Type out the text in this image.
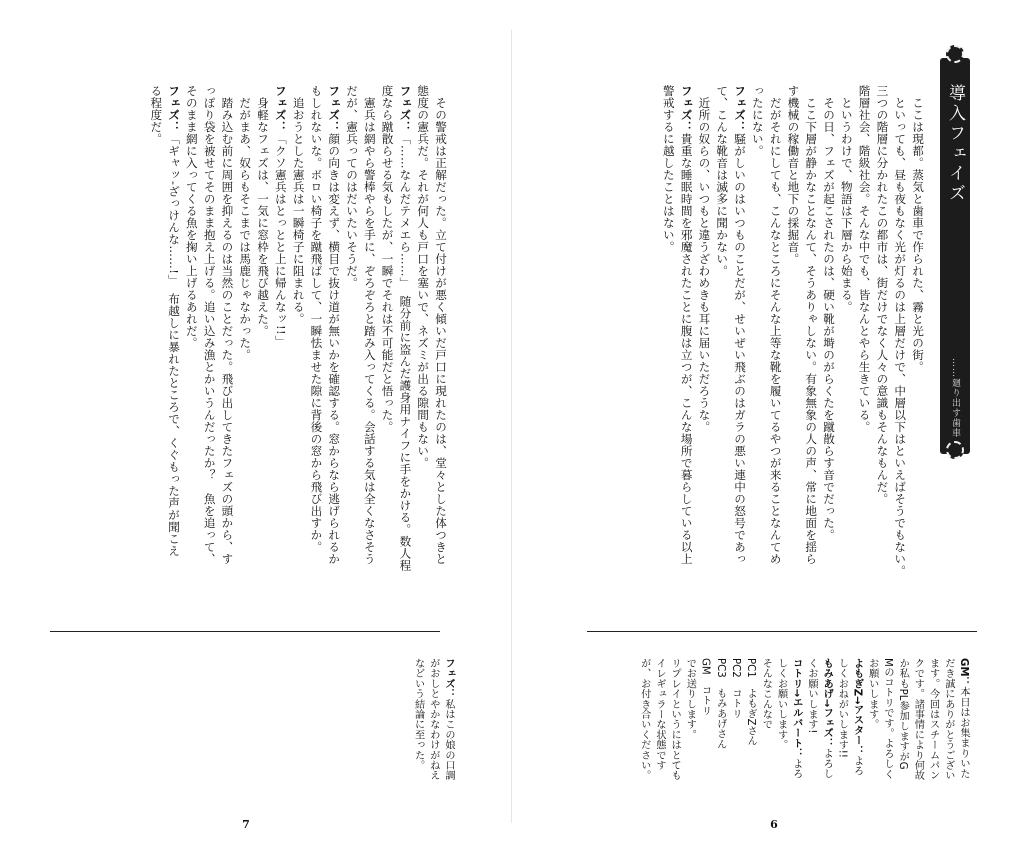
　その警戒は正解だった。立て付けが悪く傾いだ戸口に現れたのは、堂々とした体つきと

態度の憲兵だ。それが何人も戸口を塞いで、ネズミが出る隙間もない。

フェズ：「……なんだテメエら……」　随分前に盗んだ護身用ナイフに手をかける。数人程

度なら蹴散らせる気もしたが、一瞬でそれは不可能だと悟った。

　憲兵は網やら警棒やらを手に、ぞろぞろと踏み入ってくる。会話する気は全くなさそう

だが、憲兵ってのはだいたいそうだ。

フェズ：顔の向きは変えず、横目で抜け道が無いかを確認する。窓からなら逃げられるか

もしれないな。ボロい椅子を蹴飛ばして、一瞬怯ませた隙に背後の窓から飛び出すか。

　追おうとした憲兵は一瞬椅子に阻まれる。

フェズ：「クソ憲兵はとっとと上に帰んなッ!!」

　身軽なフェズは、一気に窓枠を飛び越えた。

　だがまあ、奴らもそこまでは馬鹿じゃなかった。

　踏み込む前に周囲を抑えるのは当然のことだった。飛び出してきたフェズの頭から、す

っぽり袋を被せてそのまま抱え上げる。追い込み漁とかいうんだったか？　魚を追って、

そのまま網に入ってくる魚を掬い上げるあれだ。

フェズ：「ギャッ-ざっけんな……!」　布越しに暴れたところで、くぐもった声が聞こえ

る程度だ。

フェズ：私はこの娘の口調

がおしとやかなわけがねえ

などいう結論に至った。

7
導入フェイズ
……廻り出す歯車

　ここは現都。蒸気と歯車で作られた、霧と光の街。

　といっても、昼も夜もなく光が灯るのは上層だけで、中層以下はといえばそうでもない。

三つの階層に分かれたこの都市は、街だけでなく人々の意識もそんなもんだ。

階層社会、階級社会。そんな中でも、皆なんとやら生きている。

　というわけで、物語は下層から始まる。

　その日、フェズが起こされたのは、硬い靴が塒のがらくたを蹴散らす音でだった。

　ここ下層が静かなことなんて、そうありゃしない。有象無象の人の声、常に地面を揺ら

す機械の稼働音と地下の採掘音。

　だがそれにしても、こんなところにそんな上等な靴を履いてるやつが来ることなんてめ

ったにない。

フェズ：騒がしいのはいつものことだが、せいぜい飛ぶのはガラの悪い連中の怒号であっ

て、こんな靴音は滅多に聞かない。

　近所の奴らの、いつもと違うざわめきも耳に届いただろうな。

フェズ：貴重な睡眠時間を邪魔されたことに腹は立つが、こんな場所で暮らしている以上

警戒するに越したことはない。

GM：本日はお集まりいた

だき誠にありがとうござい

ます。今回はスチームパン

クです。諸事情により何故

か私もPL参加しますがG

Mのコトリです。よろしく

お願いします。

よもぎZ→アスター：よろ

しくおねがいします!!

もみあげ→フェズ：よろし

くお願いします!

コトリ→エルバート：よろ

しくお願いします。

そんなこんなで

PC1　よもぎZさん

PC2　コトリ

PC3　もみあげさん

GM　コトリ

でお送りします。

リプレイというにはとても

イレギュラーな状態です

が、お付き合いください。

6
